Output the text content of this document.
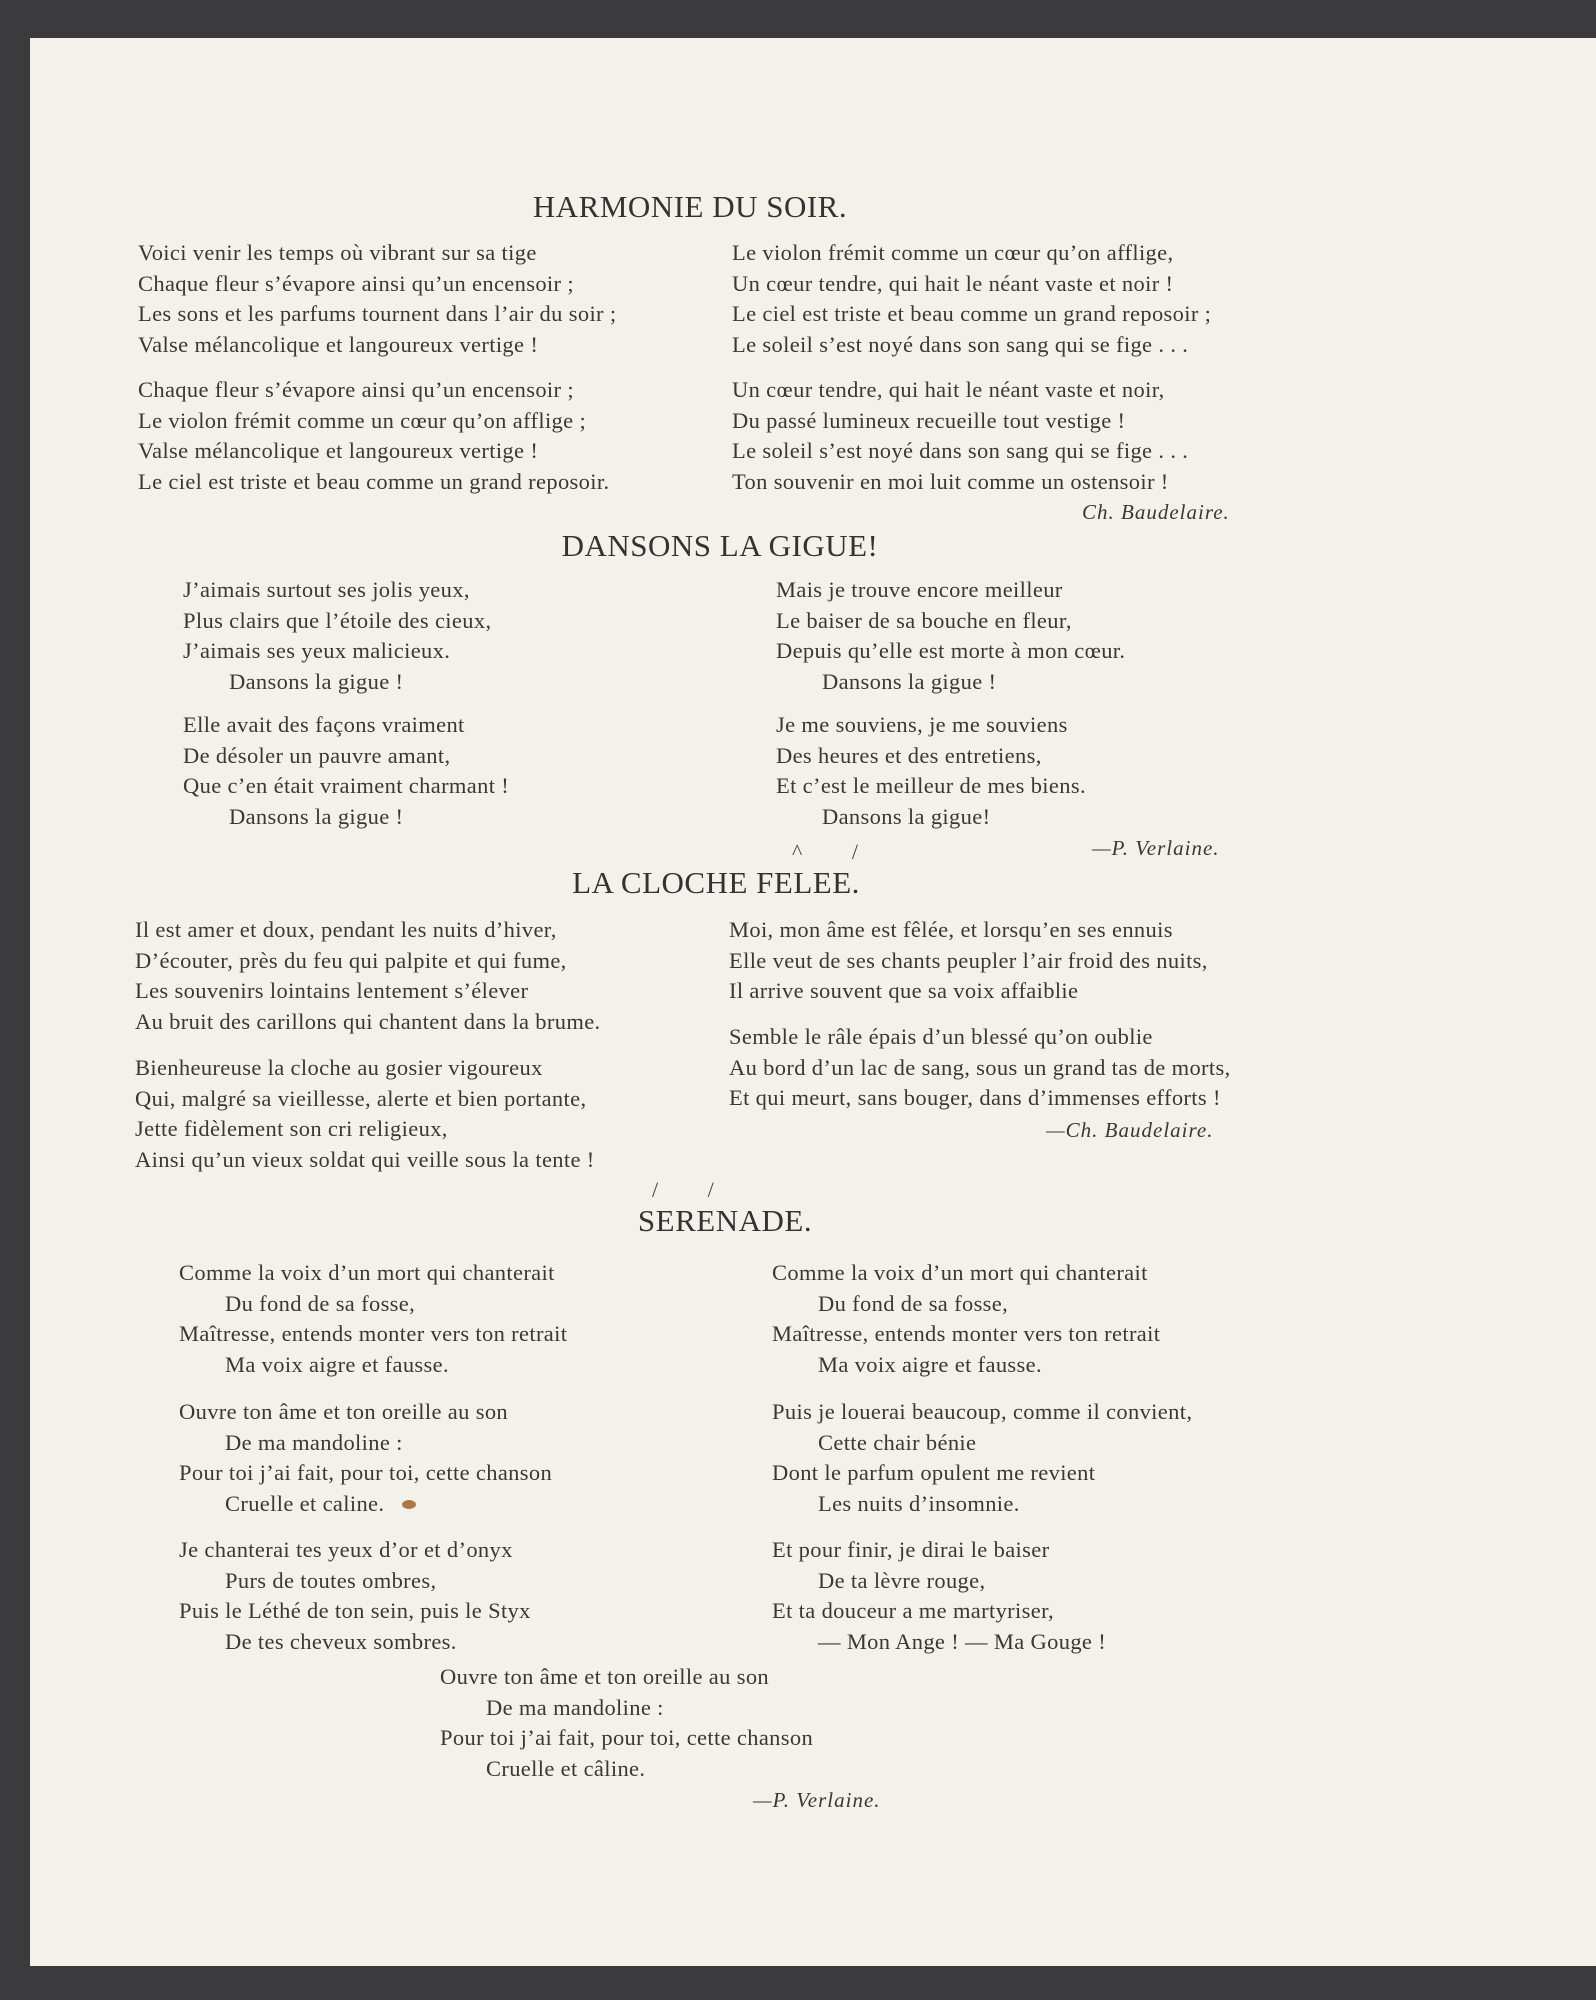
HARMONIE DU SOIR.
Voici venir les temps où vibrant sur sa tige
Chaque fleur s’évapore ainsi qu’un encensoir ;
Les sons et les parfums tournent dans l’air du soir ;
Valse mélancolique et langoureux vertige !
Chaque fleur s’évapore ainsi qu’un encensoir ;
Le violon frémit comme un cœur qu’on afflige ;
Valse mélancolique et langoureux vertige !
Le ciel est triste et beau comme un grand reposoir.
Le violon frémit comme un cœur qu’on afflige,
Un cœur tendre, qui hait le néant vaste et noir !
Le ciel est triste et beau comme un grand reposoir ;
Le soleil s’est noyé dans son sang qui se fige . . .
Un cœur tendre, qui hait le néant vaste et noir,
Du passé lumineux recueille tout vestige !
Le soleil s’est noyé dans son sang qui se fige . . .
Ton souvenir en moi luit comme un ostensoir !
Ch. Baudelaire.
DANSONS LA GIGUE!
J’aimais surtout ses jolis yeux,
Plus clairs que l’étoile des cieux,
J’aimais ses yeux malicieux.
Dansons la gigue !
Elle avait des façons vraiment
De désoler un pauvre amant,
Que c’en était vraiment charmant !
Dansons la gigue !
Mais je trouve encore meilleur
Le baiser de sa bouche en fleur,
Depuis qu’elle est morte à mon cœur.
Dansons la gigue !
Je me souviens, je me souviens
Des heures et des entretiens,
Et c’est le meilleur de mes biens.
Dansons la gigue!
—P. Verlaine.
^ /
LA CLOCHE FELEE.
Il est amer et doux, pendant les nuits d’hiver,
D’écouter, près du feu qui palpite et qui fume,
Les souvenirs lointains lentement s’élever
Au bruit des carillons qui chantent dans la brume.
Bienheureuse la cloche au gosier vigoureux
Qui, malgré sa vieillesse, alerte et bien portante,
Jette fidèlement son cri religieux,
Ainsi qu’un vieux soldat qui veille sous la tente !
Moi, mon âme est fêlée, et lorsqu’en ses ennuis
Elle veut de ses chants peupler l’air froid des nuits,
Il arrive souvent que sa voix affaiblie
Semble le râle épais d’un blessé qu’on oublie
Au bord d’un lac de sang, sous un grand tas de morts,
Et qui meurt, sans bouger, dans d’immenses efforts !
—Ch. Baudelaire.
/ /
SERENADE.
Comme la voix d’un mort qui chanterait
Du fond de sa fosse,
Maîtresse, entends monter vers ton retrait
Ma voix aigre et fausse.
Ouvre ton âme et ton oreille au son
De ma mandoline :
Pour toi j’ai fait, pour toi, cette chanson
Cruelle et caline.
Je chanterai tes yeux d’or et d’onyx
Purs de toutes ombres,
Puis le Léthé de ton sein, puis le Styx
De tes cheveux sombres.
Comme la voix d’un mort qui chanterait
Du fond de sa fosse,
Maîtresse, entends monter vers ton retrait
Ma voix aigre et fausse.
Puis je louerai beaucoup, comme il convient,
Cette chair bénie
Dont le parfum opulent me revient
Les nuits d’insomnie.
Et pour finir, je dirai le baiser
De ta lèvre rouge,
Et ta douceur a me martyriser,
— Mon Ange ! — Ma Gouge !
Ouvre ton âme et ton oreille au son
De ma mandoline :
Pour toi j’ai fait, pour toi, cette chanson
Cruelle et câline.
—P. Verlaine.
